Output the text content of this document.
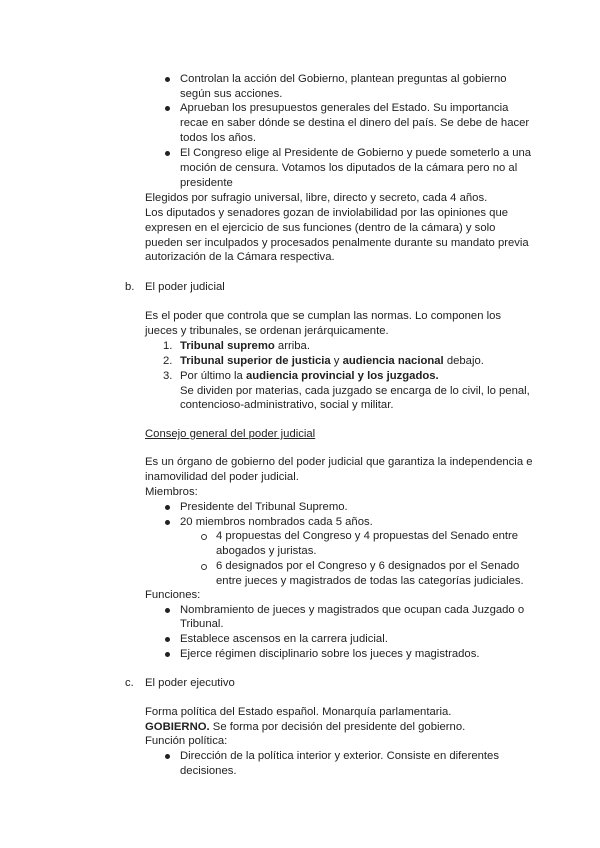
Controlan la acción del Gobierno, plantean preguntas al gobierno
según sus acciones.
Aprueban los presupuestos generales del Estado. Su importancia
recae en saber dónde se destina el dinero del país. Se debe de hacer
todos los años.
El Congreso elige al Presidente de Gobierno y puede someterlo a una
moción de censura. Votamos los diputados de la cámara pero no al
presidente
Elegidos por sufragio universal, libre, directo y secreto, cada 4 años.
Los diputados y senadores gozan de inviolabilidad por las opiniones que
expresen en el ejercicio de sus funciones (dentro de la cámara) y solo
pueden ser inculpados y procesados penalmente durante su mandato previa
autorización de la Cámara respectiva.
b. El poder judicial
Es el poder que controla que se cumplan las normas. Lo componen los
jueces y tribunales, se ordenan jerárquicamente.
1. Tribunal supremo arriba.
2. Tribunal superior de justicia y audiencia nacional debajo.
3. Por último la audiencia provincial y los juzgados.
Se dividen por materias, cada juzgado se encarga de lo civil, lo penal,
contencioso-administrativo, social y militar.
Consejo general del poder judicial
Es un órgano de gobierno del poder judicial que garantiza la independencia e
inamovilidad del poder judicial.
Miembros:
Presidente del Tribunal Supremo.
20 miembros nombrados cada 5 años.
4 propuestas del Congreso y 4 propuestas del Senado entre
abogados y juristas.
6 designados por el Congreso y 6 designados por el Senado
entre jueces y magistrados de todas las categorías judiciales.
Funciones:
Nombramiento de jueces y magistrados que ocupan cada Juzgado o
Tribunal.
Establece ascensos en la carrera judicial.
Ejerce régimen disciplinario sobre los jueces y magistrados.
c. El poder ejecutivo
Forma política del Estado español. Monarquía parlamentaria.
GOBIERNO. Se forma por decisión del presidente del gobierno.
Función política:
Dirección de la política interior y exterior. Consiste en diferentes
decisiones.
